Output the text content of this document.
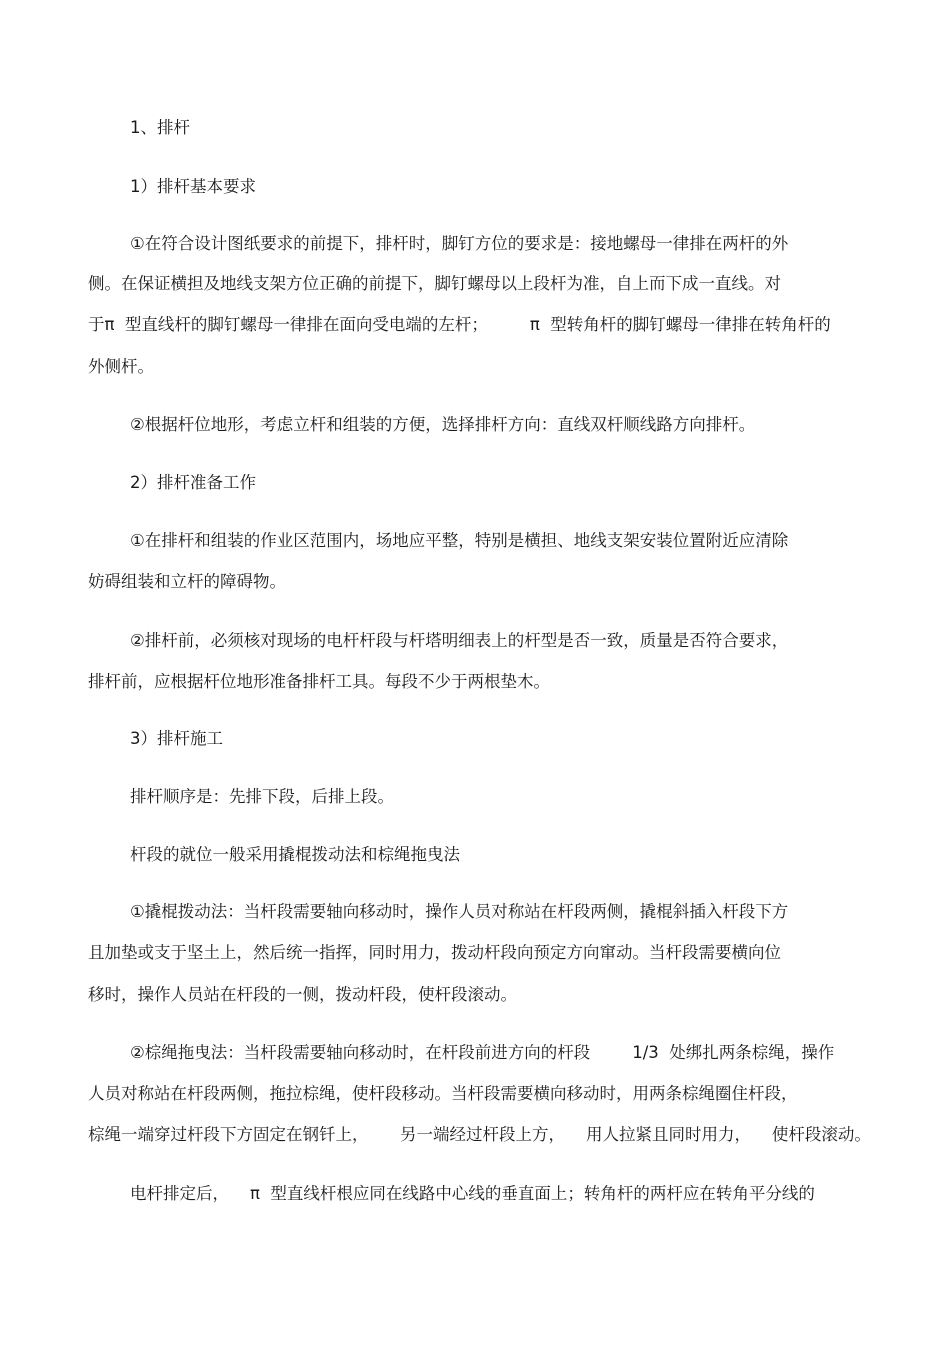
1、排杆

1）排杆基本要求

①在符合设计图纸要求的前提下，排杆时，脚钉方位的要求是：接地螺母一律排在两杆的外

侧。在保证横担及地线支架方位正确的前提下，脚钉螺母以上段杆为准，自上而下成一直线。对

于π  型直线杆的脚钉螺母一律排在面向受电端的左杆；        π  型转角杆的脚钉螺母一律排在转角杆的

外侧杆。

②根据杆位地形，考虑立杆和组装的方便，选择排杆方向：直线双杆顺线路方向排杆。

2）排杆准备工作

①在排杆和组装的作业区范围内，场地应平整，特别是横担、地线支架安装位置附近应清除

妨碍组装和立杆的障碍物。

②排杆前，必须核对现场的电杆杆段与杆塔明细表上的杆型是否一致，质量是否符合要求，

排杆前，应根据杆位地形准备排杆工具。每段不少于两根垫木。

3）排杆施工

排杆顺序是：先排下段，后排上段。

杆段的就位一般采用撬棍拨动法和棕绳拖曳法

①撬棍拨动法：当杆段需要轴向移动时，操作人员对称站在杆段两侧，撬棍斜插入杆段下方

且加垫或支于坚土上，然后统一指挥，同时用力，拨动杆段向预定方向窜动。当杆段需要横向位

移时，操作人员站在杆段的一侧，拨动杆段，使杆段滚动。

②棕绳拖曳法：当杆段需要轴向移动时，在杆段前进方向的杆段        1/3  处绑扎两条棕绳，操作

人员对称站在杆段两侧，拖拉棕绳，使杆段移动。当杆段需要横向移动时，用两条棕绳圈住杆段，

棕绳一端穿过杆段下方固定在钢钎上，      另一端经过杆段上方，    用人拉紧且同时用力，    使杆段滚动。

电杆排定后，    π  型直线杆根应同在线路中心线的垂直面上；转角杆的两杆应在转角平分线的
